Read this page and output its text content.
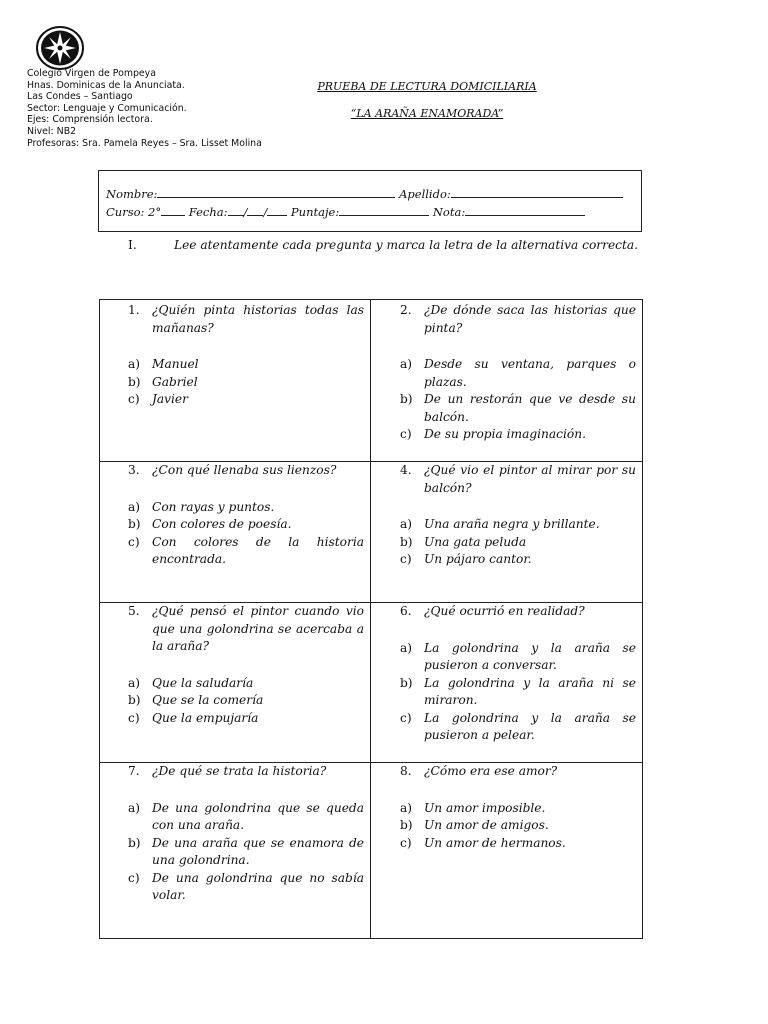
Colegio Virgen de Pompeya
Hnas. Dominicas de la Anunciata.
Las Condes – Santiago
Sector: Lenguaje y Comunicación.
Ejes: Comprensión lectora.
Nivel: NB2
Profesoras: Sra. Pamela Reyes – Sra. Lisset Molina
PRUEBA DE LECTURA DOMICILIARIA
“LA ARAÑA ENAMORADA”
Nombre:	Apellido:
Curso: 2° Fecha: / / Puntaje:	Nota:
I.	Lee atentamente cada pregunta y marca la letra de la alternativa correcta.
1. ¿Quién pinta historias todas las mañanas?
a) Manuel
b) Gabriel
c) Javier
2. ¿De dónde saca las historias que pinta?
a) Desde su ventana, parques o plazas.
b) De un restorán que ve desde su balcón.
c) De su propia imaginación.
3. ¿Con qué llenaba sus lienzos?
a) Con rayas y puntos.
b) Con colores de poesía.
c) Con colores de la historia encontrada.
4. ¿Qué vio el pintor al mirar por su balcón?
a) Una araña negra y brillante.
b) Una gata peluda
c) Un pájaro cantor.
5. ¿Qué pensó el pintor cuando vio que una golondrina se acercaba a la araña?
a) Que la saludaría
b) Que se la comería
c) Que la empujaría
6. ¿Qué ocurrió en realidad?
a) La golondrina y la araña se pusieron a conversar.
b) La golondrina y la araña ni se miraron.
c) La golondrina y la araña se pusieron a pelear.
7. ¿De qué se trata la historia?
a) De una golondrina que se queda con una araña.
b) De una araña que se enamora de una golondrina.
c) De una golondrina que no sabía volar.
8. ¿Cómo era ese amor?
a) Un amor imposible.
b) Un amor de amigos.
c) Un amor de hermanos.
